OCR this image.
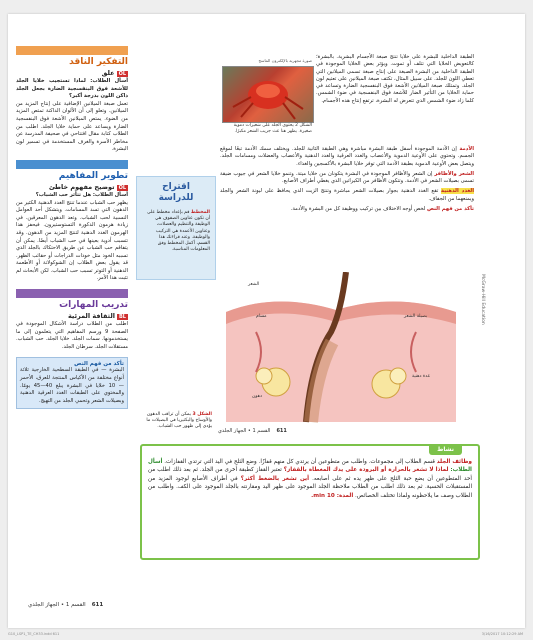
التفكير الناقد
OLعلق

أسأل الطلاب: لماذا تستجيب خلايا الجلد للأشعة فوق البنفسجية الضارة بجعل الجلد ذاكن اللون بدرجة أكبر؟

تعمل صبغة الميلانين الإضافية على إنتاج المزيد من الميلانين. وتعلو إلى أن الألوان الداكنة تمتص المزيد من الضوء. يمتص الميلانين الأشعة فوق البنفسجية الضارة ويساعد على حماية خلايا الجلد. اطلب من الطلاب كتابة مقال افتتاحي في صحيفة المدرسة عن مخاطر الأسرة والغرف المستخدمة في تسمير لون البشرة.

تطوير المفاهيم
OLتوضيح مفهوم خاطئ

أسأل الطلاب: هل تتأثر حب الشباب؟

يظهر حب الشباب عندما تنتج الغدد الدهنية الكثير من الدهون التي تسد المسامات. ويتشكل أحد العوامل النسبية لحب الشباب. وتعد الدهون المعرقين. في زيادة هرمون الذكورة التستوستيرون. فيحفز هذا الهرمون الغدد الدهنية لتنتج المزيد من الدهون. وقد تتسبب أدوية بعينها في حب الشباب أيضًا. يمكن أن يتفاقم حب الشباب عن طريق الاحتكاك بالجلد الذي تسببه الخوذ مثل خوذات الدراجات أو حقائب الظهر. قد يقول بعض الطلاب إن الشوكولاتة أو الأطعمة الدهنية أو التوتر تسبب حب الشباب. لكن الأبحاث لم تثبت هذا الأمر.

تدريب المهارات
BLالثقافة المرئية

اطلب من الطلاب دراسة الأشكال الموجودة في الصفحة 9 ورسم المفاهيم التي يتعلمون إلى ما يستخدمونها. سمات الجلد. خلايا الجلد. حب الشباب. مستقلات الجلد. سرطان الجلد.

تأكد من فهم النص

البشرة — في الطبقة السطحية الخارجية ثلاثة أنواع مختلفة من الأكياس المنتجة للعرق، الأحمر — 10 خلايا في البشرة يبلغ 40—45 يومًا. والمختوي على الطبقات الغدد العرقية الدهنية وبصيلات الشعر وتحمي الجلد من التهيج.

صورة مجهرية بالإلكترون الماسح
الشكل 2 يحتوي الجلد على شعيرات دموية صغيرة. يظهر هنا عث جريب الشعر مكبرًا.

الطبقة الداخلية للبشرة على خلايا تنتج صبغة الأجسام البشرية. بالبشرة؛ كالتعويض الخلايا التي تتلف أو تموت. ويؤثر بعض الخلايا الموجودة في الطبقة الداخلية من البشرة الصبغة على إنتاج صبغة تسمى الميلانين التي تعطي اللون للجلد. على سبيل المثال، تكثف صبغة الميلانين على تعتيم لون الجلد. وتمتلك صبغة الميلانين الأشعة فوق البنفسجية الضارة وتساعد في حماية الخلايا من التأثير الضار للأشعة فوق البنفسجية في ضوء الشمس. كلما زاد ضوء الشمس الذي تتعرض له البشرة، ترتفع إنتاج هذه الأجسام.

الأدمة إن الأدمة الموجودة أسفل طبقة البشرة مباشرة وهي الطبقة الثانية للجلد. ويختلف سمك الأدمة تبعًا لموقع الجسم. وتحتوي على الأوعية الدموية والأعصاب والغدد العرقية والغدد الدهنية والأعصاب والعضلات ومسامات الجلد. ويتصل بعض الأوعية الدموية بطبقة الأدمة التي توفر خلايا البشرة بالأكسجين والغذاء.

الشعر والأظافر إن الشعر والأظافر الموجودة في البشرة يتكونان من خلايا ميتة. وتنمو خلايا الشعر في جيوب ضيقة تسمى بصيلات الشعر في الأدمة. وتتكون الأظافر من الكيراتين الذي يغطي أطراف الأصابع.

الغدد الدهنية تقع الغدد الدهنية بجوار بصيلات الشعر مباشرة وتنتج الزيت الذي يحافظ على ليونة الشعر والجلد ويمنعهما من الجفاف.

تأكد من فهم النص لخص أوجه الاختلاف بين تركيب ووظيفة كل من البشرة والأدمة.

اقتراح للدراسة
المخطط قم بإعداد مخطط على أن تكون عناوين الصفوف هي الوظيفة والتنظيم والعضلات، وعناوين الأعمدة هي التركيب والوظيفة. وعند قراءتك هذا القسم، أكمل المخطط وفق المعلومات المناسبة.
الشعر
بصيلة الشعر
غدة دهنية
مسام
دهون
الشكل 3 يمكن أن تراقب الدهون والأوساخ والبكتيريا في البصيلات ما يؤدي إلى ظهور حب الشباب.
611القسم 1 • الجهاز الجلدي
McGraw-Hill Education
نشاط
وظائف الجلد قسم الطلاب إلى مجموعات. واطلب من متطوعين أن يرتدي كل منهم قفازًا. وضع الثلج في اليد التي ترتدي القفازات. أسأل الطلاب: لماذا لا تشعر بالحرارة أو البرودة على يدك المغطاة بالقفاز؟ تعتبر القفاز كطبقة أخرى من الجلد. ثم بعد ذلك اطلب من أحد المتطوعين أن يضع حبة الثلج على ظهر يده ثم على أصابعه. أين تشعر بالضغط أكثر؟ في أطراف الأصابع لوجود المزيد من المستقبلات الحسية. ثم بعد ذلك اطلب من الطلاب ملاحظة الجلد الموجود على ظهر اليد ومقارنته بالجلد الموجود على الكف. واطلب من الطلاب وصف ما يلاحظونه ولماذا تختلف الخصائص. المدة: 10 min.
611القسم 1 • الجهاز الجلدي
G10_LSP1_TE_CH33.indd 611	3/16/2017 10:12:29 AM
